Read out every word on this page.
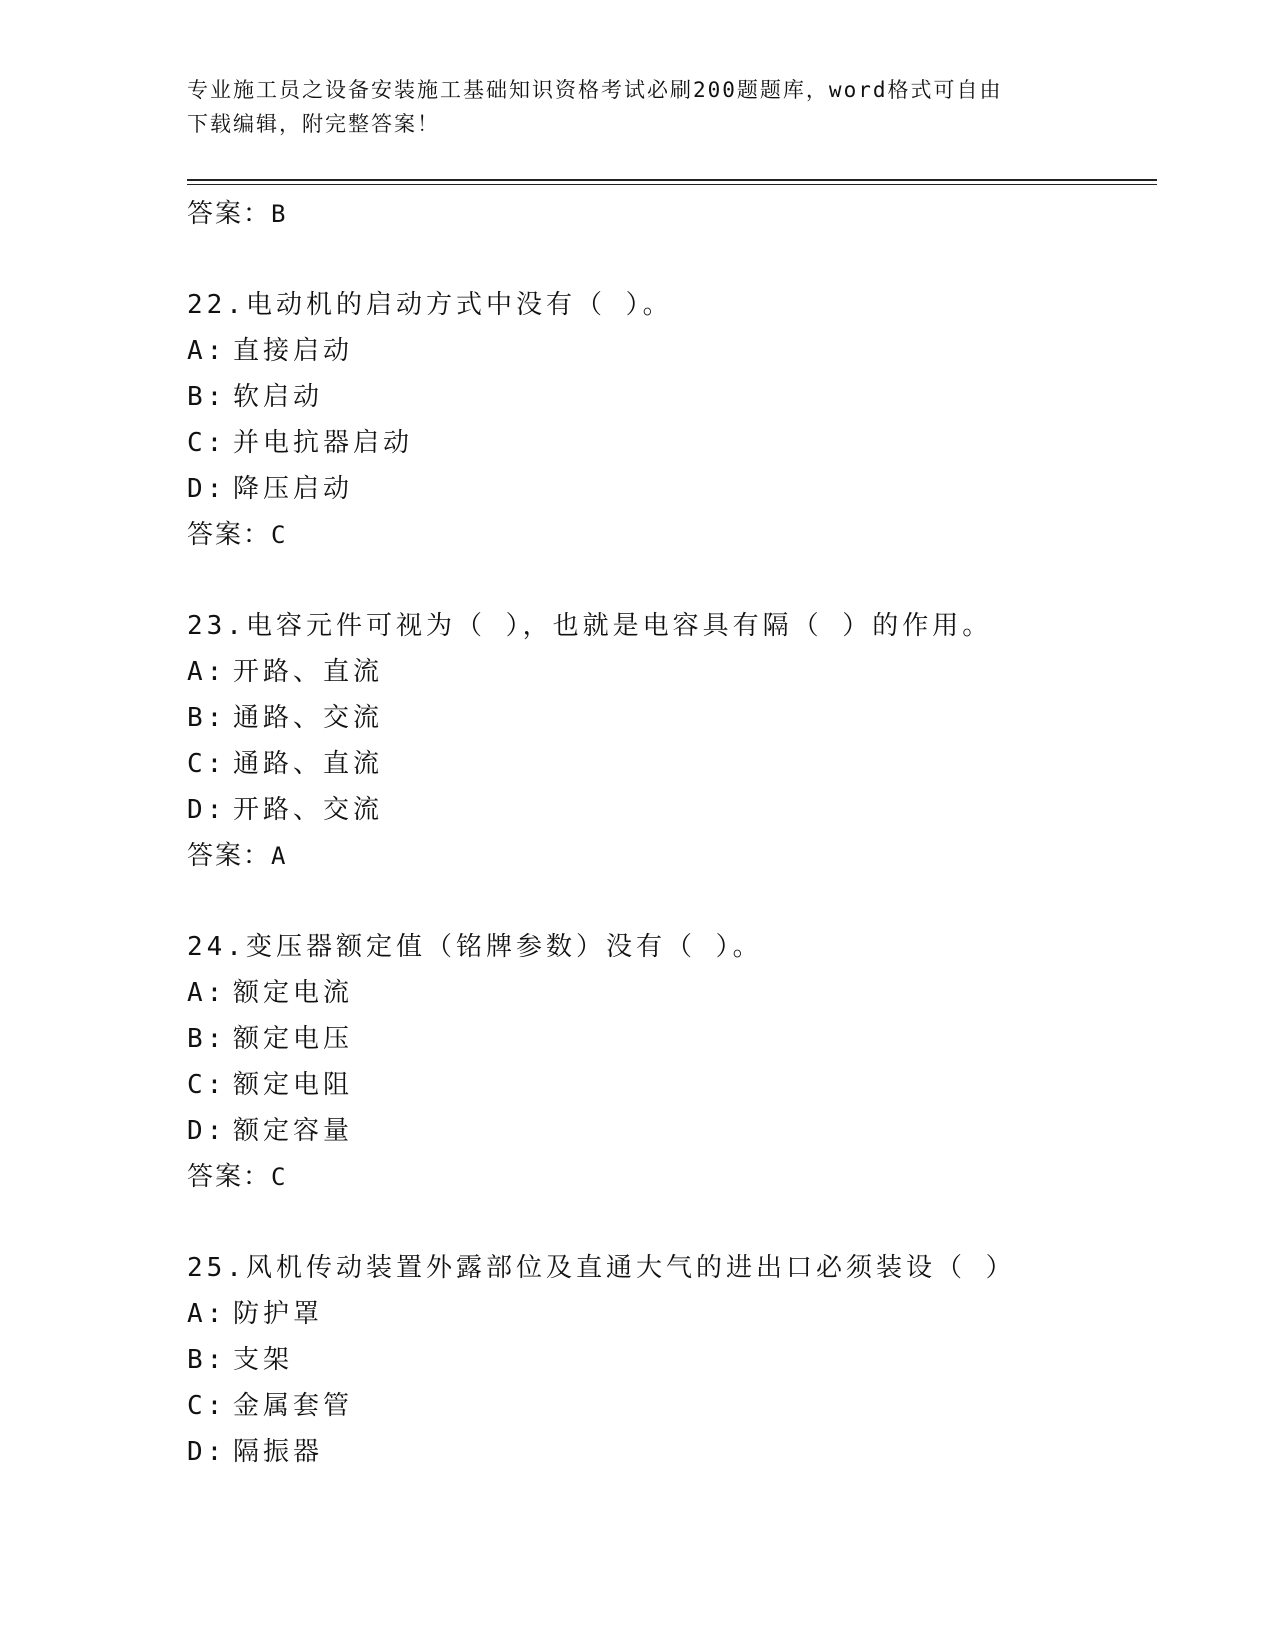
专业施工员之设备安装施工基础知识资格考试必刷200题题库，word格式可自由
下载编辑，附完整答案！
答案：B
22.电动机的启动方式中没有（ ）。
A: 直接启动
B: 软启动
C: 并电抗器启动
D: 降压启动
答案：C
23.电容元件可视为（ ），也就是电容具有隔（ ）的作用。
A: 开路、直流
B: 通路、交流
C: 通路、直流
D: 开路、交流
答案：A
24.变压器额定值（铭牌参数）没有（ ）。
A: 额定电流
B: 额定电压
C: 额定电阻
D: 额定容量
答案：C
25.风机传动装置外露部位及直通大气的进出口必须装设（ ）
A: 防护罩
B: 支架
C: 金属套管
D: 隔振器
